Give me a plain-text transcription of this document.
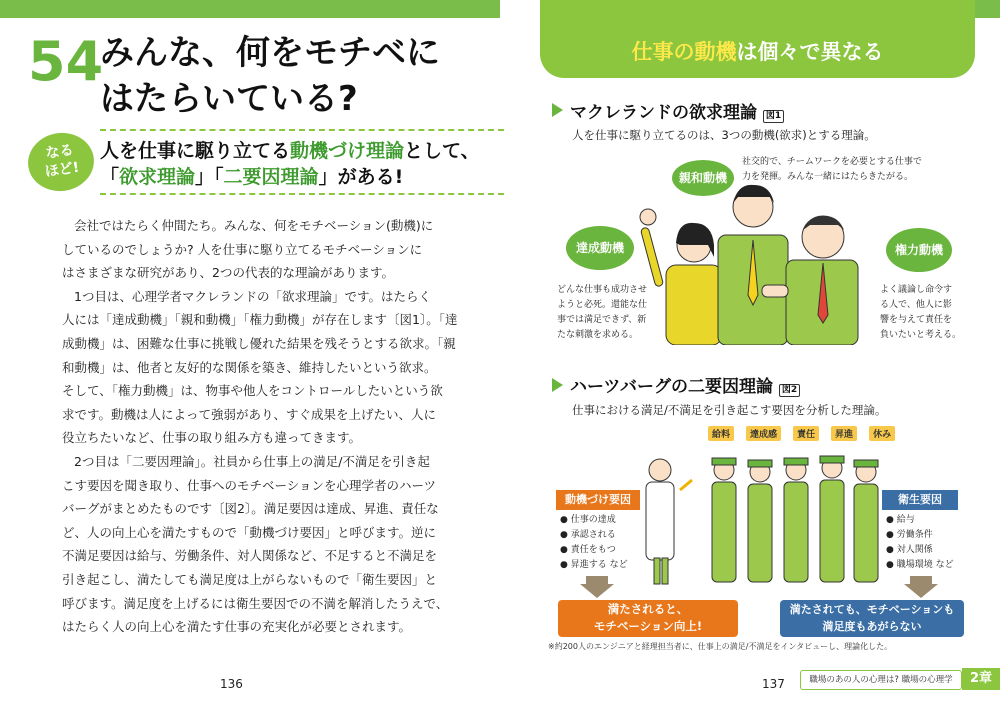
54
みんな、何をモチベに
はたらいている?
なる
ほど!
人を仕事に駆り立てる動機づけ理論として、
「欲求理論」「二要因理論」がある!

会社ではたらく仲間たち。みんな、何をモチベーション(動機)に

しているのでしょうか? 人を仕事に駆り立てるモチベーションに

はさまざまな研究があり、2つの代表的な理論があります。

1つ目は、心理学者マクレランドの「欲求理論」です。はたらく

人には「達成動機」「親和動機」「権力動機」が存在します〔図1〕。「達

成動機」は、困難な仕事に挑戦し優れた結果を残そうとする欲求。「親

和動機」は、他者と友好的な関係を築き、維持したいという欲求。

そして、「権力動機」は、物事や他人をコントロールしたいという欲

求です。動機は人によって強弱があり、すぐ成果を上げたい、人に

役立ちたいなど、仕事の取り組み方も違ってきます。

2つ目は「二要因理論」。社員から仕事上の満足/不満足を引き起

こす要因を聞き取り、仕事へのモチベーションを心理学者のハーツ

バーグがまとめたものです〔図2〕。満足要因は達成、昇進、責任な

ど、人の向上心を満たすもので「動機づけ要因」と呼びます。逆に

不満足要因は給与、労働条件、対人関係など、不足すると不満足を

引き起こし、満たしても満足度は上がらないもので「衛生要因」と

呼びます。満足度を上げるには衛生要因での不満を解消したうえで、

はたらく人の向上心を満たす仕事の充実化が必要とされます。

136
仕事の動機は個々で異なる
マクレランドの欲求理論 図1
人を仕事に駆り立てるのは、3つの動機(欲求)とする理論。
親和動機
社交的で、チームワークを必要とする仕事で
力を発揮。みんな一緒にはたらきたがる。
達成動機
どんな仕事も成功させ
ようと必死。還能な仕
事では満足できず、新
たな刺激を求める。
権力動機
よく議論し命令す
る人で、他人に影
響を与えて責任を
負いたいと考える。
ハーツバーグの二要因理論 図2
仕事における満足/不満足を引き起こす要因を分析した理論。
給料	達成感	責任	昇進	休み
動機づけ要因
● 仕事の達成
● 承認される
● 責任をもつ
● 昇進する など
衛生要因
● 給与
● 労働条件
● 対人関係
● 職場環境 など
満たされると、
モチベーション向上!
満たされても、モチベーションも
満足度もあがらない
※約200人のエンジニアと経理担当者に、仕事上の満足/不満足をインタビューし、理論化した。
137	職場のあの人の心理は? 職場の心理学	2章
